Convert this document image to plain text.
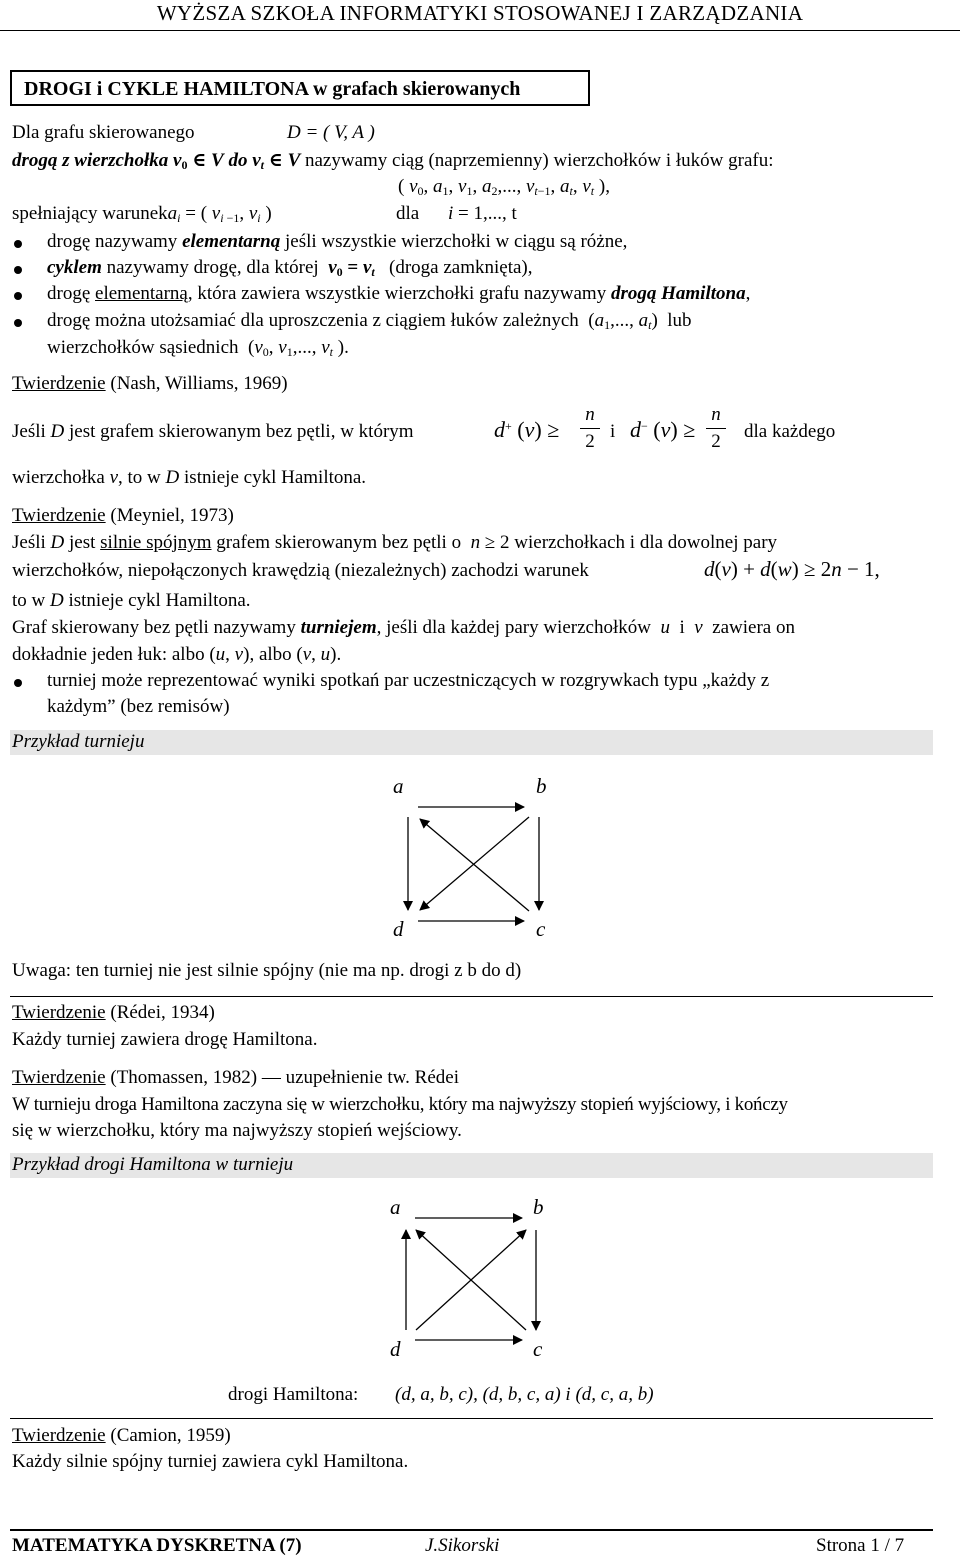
WYŻSZA SZKOŁA INFORMATYKI STOSOWANEJ I ZARZĄDZANIA
DROGI i CYKLE HAMILTONA w grafach skierowanych
Dla grafu skierowanego	D = ( V, A )
drogą z wierzchołka $v_0$ ∈ V do $v_t$ ∈ V nazywamy ciąg (naprzemienny) wierzchołków i łuków grafu:
( $v_0$, $a_1$, $v_1$, $a_2$,..., $v_{t-1}$, $a_t$, $v_t$ ),
spełniający waruneka$_i$ = ( $v_{i -1}$, $v_i$ )	dla i = 1,..., t
drogę nazywamy elementarną jeśli wszystkie wierzchołki w ciągu są różne,
cyklem nazywamy drogę, dla której $v_0 = v_t$ (droga zamknięta),
drogę elementarną, która zawiera wszystkie wierzchołki grafu nazywamy drogą Hamiltona,
drogę można utożsamiać dla uproszczenia z ciągiem łuków zależnych  ($a_1$,..., $a_t$)  lub
wierzchołków sąsiednich  ($v_0$, $v_1$,..., $v_t$ ).
Twierdzenie (Nash, Williams, 1969)
Jeśli D jest grafem skierowanym bez pętli, w którym	d+ (v) ≥
n
2 i d− (v) ≥
n
2	dla każdego
wierzchołka v, to w D istnieje cykl Hamiltona.
Twierdzenie (Meyniel, 1973)
Jeśli D jest silnie spójnym grafem skierowanym bez pętli o n ≥ 2 wierzchołkach i dla dowolnej pary
wierzchołków, niepołączonych krawędzią (niezależnych) zachodzi warunek	d(v) + d(w) ≥ 2n − 1,
to w D istnieje cykl Hamiltona.
Graf skierowany bez pętli nazywamy turniejem, jeśli dla każdej pary wierzchołków u  i  v zawiera on
dokładnie jeden łuk: albo (u, v), albo (v, u).
turniej może reprezentować wyniki spotkań par uczestniczących w rozgrywkach typu „każdy z
każdym” (bez remisów)
Przykład turnieju
a	b
c
d
Uwaga: ten turniej nie jest silnie spójny (nie ma np. drogi z b do d)
Twierdzenie (Rédei, 1934)
Każdy turniej zawiera drogę Hamiltona.
Twierdzenie (Thomassen, 1982) — uzupełnienie tw. Rédei
W turnieju droga Hamiltona zaczyna się w wierzchołku, który ma najwyższy stopień wyjściowy, i kończy
się w wierzchołku, który ma najwyższy stopień wejściowy.
Przykład drogi Hamiltona w turnieju
a	b
c
d
drogi Hamiltona: (d, a, b, c), (d, b, c, a) i (d, c, a, b)
Twierdzenie (Camion, 1959)
Każdy silnie spójny turniej zawiera cykl Hamiltona.
MATEMATYKA DYSKRETNA (7)	J.Sikorski	Strona 1 / 7
